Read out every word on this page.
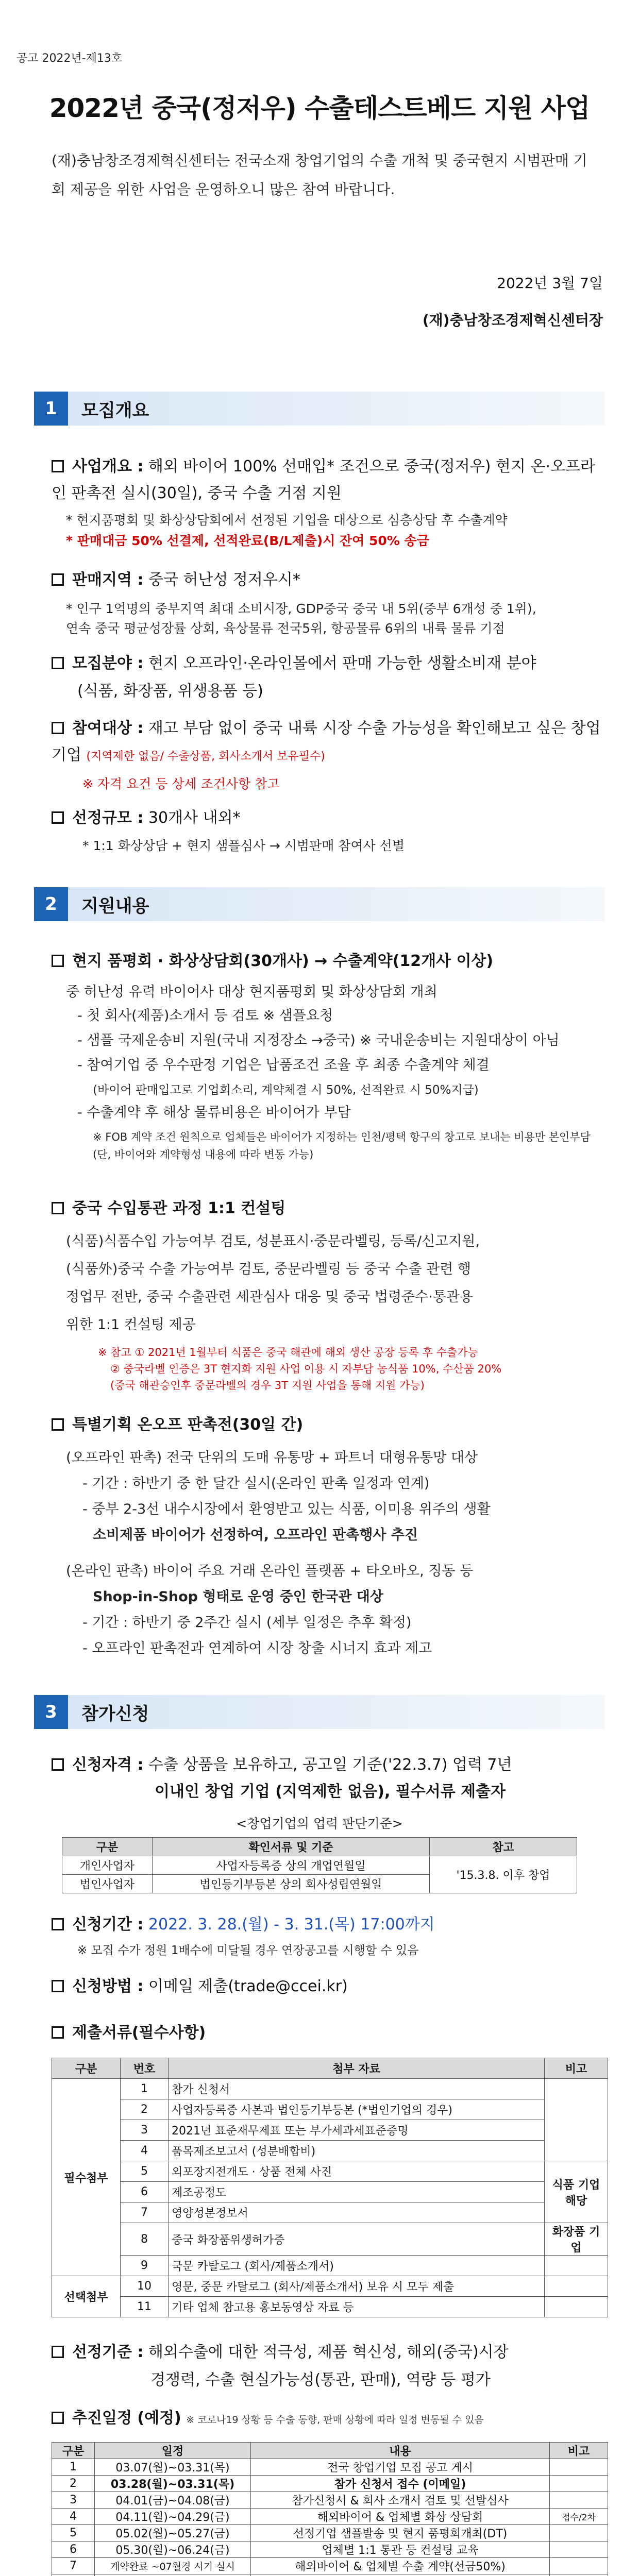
공고 2022년-제13호
2022년 중국(정저우) 수출테스트베드 지원 사업
(재)충남창조경제혁신센터는 전국소재 창업기업의 수출 개척 및 중국현지 시범판매 기회 제공을 위한 사업을 운영하오니 많은 참여 바랍니다.
2022년 3월 7일
(재)충남창조경제혁신센터장
1	모집개요
사업개요 : 해외 바이어 100% 선매입* 조건으로 중국(정저우) 현지 온·오프라인 판촉전 실시(30일), 중국 수출 거점 지원
* 현지품평회 및 화상상담회에서 선정된 기업을 대상으로 심층상담 후 수출계약
* 판매대금 50% 선결제, 선적완료(B/L제출)시 잔여 50% 송금
판매지역 : 중국 허난성 정저우시*
* 인구 1억명의 중부지역 최대 소비시장, GDP중국 중국 내 5위(중부 6개성 중 1위),
연속 중국 평균성장률 상회, 육상물류 전국5위, 항공물류 6위의 내륙 물류 기점
모집분야 : 현지 오프라인·온라인몰에서 판매 가능한 생활소비재 분야
(식품, 화장품, 위생용품 등)
참여대상 : 재고 부담 없이 중국 내륙 시장 수출 가능성을 확인해보고 싶은 창업기업 (지역제한 없음/ 수출상품, 회사소개서 보유필수)
※ 자격 요건 등 상세 조건사항 참고
선정규모 : 30개사 내외*
* 1:1 화상상담 + 현지 샘플심사 → 시범판매 참여사 선별
2	지원내용
현지 품평회 · 화상상담회(30개사) → 수출계약(12개사 이상)
중 허난성 유력 바이어사 대상 현지품평회 및 화상상담회 개최
- 첫 회사(제품)소개서 등 검토 ※ 샘플요청
- 샘플 국제운송비 지원(국내 지정장소 →중국) ※ 국내운송비는 지원대상이 아님
- 참여기업 중 우수판정 기업은 납품조건 조율 후 최종 수출계약 체결
(바이어 판매입고로 기업회소리, 계약체결 시 50%, 선적완료 시 50%지급)
- 수출계약 후 해상 물류비용은 바이어가 부담
※ FOB 계약 조건 원칙으로 업체들은 바이어가 지정하는 인천/평택 항구의 창고로 보내는 비용만 본인부담(단, 바이어와 계약형성 내용에 따라 변동 가능)
중국 수입통관 과정 1:1 컨설팅
(식품)식품수입 가능여부 검토, 성분표시·중문라벨링, 등록/신고지원,
(식품外)중국 수출 가능여부 검토, 중문라벨링 등 중국 수출 관련 행
정업무 전반, 중국 수출관련 세관심사 대응 및 중국 법령준수·통관용
위한 1:1 컨설팅 제공
※ 참고 ① 2021년 1월부터 식품은 중국 해관에 해외 생산 공장 등록 후 수출가능
② 중국라벨 인증은 3T 현지화 지원 사업 이용 시 자부담 농식품 10%, 수산품 20%
(중국 해관승인후 중문라벨의 경우 3T 지원 사업을 통해 지원 가능)
특별기획 온오프 판촉전(30일 간)
(오프라인 판촉) 전국 단위의 도매 유통망 + 파트너 대형유통망 대상
- 기간 : 하반기 중 한 달간 실시(온라인 판촉 일정과 연계)
- 중부 2-3선 내수시장에서 환영받고 있는 식품, 이미용 위주의 생활
소비제품 바이어가 선정하여, 오프라인 판촉행사 추진
(온라인 판촉) 바이어 주요 거래 온라인 플랫폼 + 타오바오, 징동 등
Shop-in-Shop 형태로 운영 중인 한국관 대상
- 기간 : 하반기 중 2주간 실시 (세부 일정은 추후 확정)
- 오프라인 판촉전과 연계하여 시장 창출 시너지 효과 제고
3	참가신청
신청자격 : 수출 상품을 보유하고, 공고일 기준('22.3.7) 업력 7년
이내인 창업 기업 (지역제한 없음), 필수서류 제출자
<창업기업의 업력 판단기준>
구분	확인서류 및 기준	참고
개인사업자	사업자등록증 상의 개업연월일	'15.3.8. 이후 창업
법인사업자	법인등기부등본 상의 회사성립연월일	
신청기간 : 2022. 3. 28.(월) - 3. 31.(목) 17:00까지
※ 모집 수가 정원 1배수에 미달될 경우 연장공고를 시행할 수 있음
신청방법 : 이메일 제출(trade@ccei.kr)
제출서류(필수사항)
구분	번호	첨부 자료	비고
필수첨부	1	참가 신청서	
	2	사업자등록증 사본과 법인등기부등본 (*법인기업의 경우)	
	3	2021년 표준재무제표 또는 부가세과세표준증명	
	4	품목제조보고서 (성분배합비)	
	5	외포장지전개도 · 상품 전체 사진	식품 기업 해당
	6	제조공정도	
	7	영양성분정보서	
	8	중국 화장품위생허가증	화장품 기업
	9	국문 카탈로그 (회사/제품소개서)	
선택첨부	10	영문, 중문 카탈로그 (회사/제품소개서) 보유 시 모두 제출	
	11	기타 업체 참고용 홍보동영상 자료 등	
선정기준 : 해외수출에 대한 적극성, 제품 혁신성, 해외(중국)시장
경쟁력, 수출 현실가능성(통관, 판매), 역량 등 평가
추진일정 (예정) ※ 코로나19 상황 등 수출 동향, 판매 상황에 따라 일정 변동될 수 있음
구분	일정	내용	비고
1	03.07(월)~03.31(목)	전국 창업기업 모집 공고 게시	
2	03.28(월)~03.31(목)	참가 신청서 접수 (이메일)	
3	04.01(금)~04.08(금)	참가신청서 & 회사 소개서 검토 및 선발심사	
4	04.11(월)~04.29(금)	해외바이어 & 업체별 화상 상담회	접수/2차
5	05.02(월)~05.27(금)	선정기업 샘플발송 및 현지 품평회개최(DT)	
6	05.30(월)~06.24(금)	업체별 1:1 통관 등 컨설팅 교육	
7	계약완료 ~07월경 시기 실시	해외바이어 & 업체별 수출 계약(선금50%)	
